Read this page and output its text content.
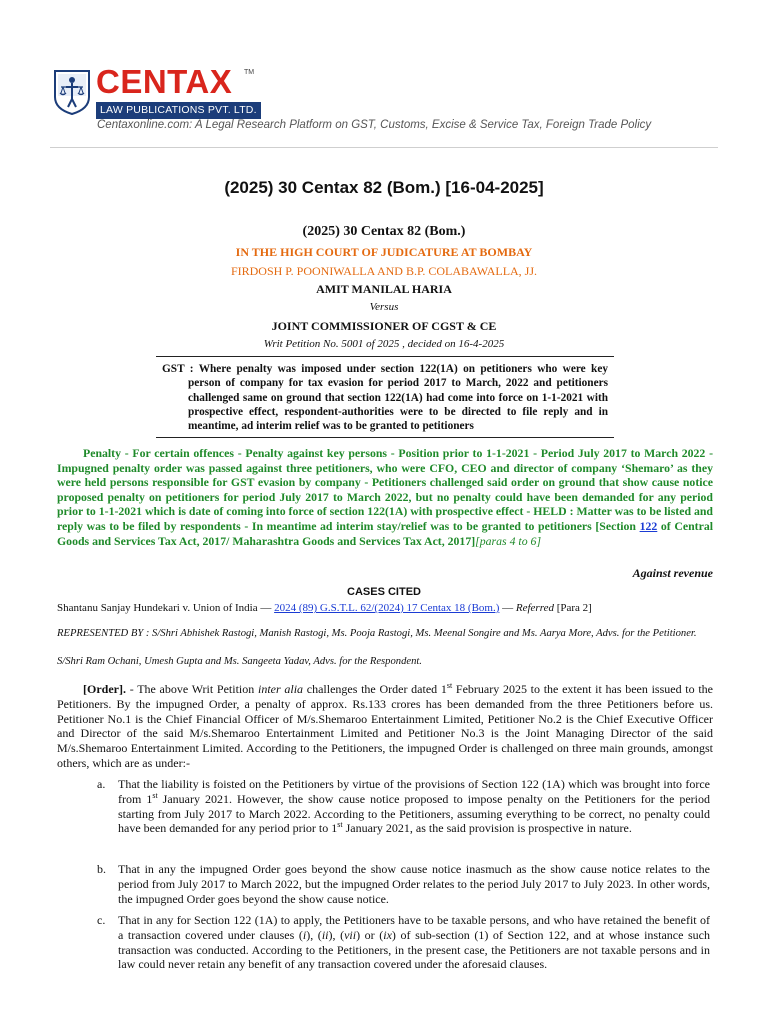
CENTAX TM
LAW PUBLICATIONS PVT. LTD.
Centaxonline.com: A Legal Research Platform on GST, Customs, Excise & Service Tax, Foreign Trade Policy
(2025) 30 Centax 82 (Bom.) [16-04-2025]
(2025) 30 Centax 82 (Bom.)
IN THE HIGH COURT OF JUDICATURE AT BOMBAY
FIRDOSH P. POONIWALLA AND B.P. COLABAWALLA, JJ.
AMIT MANILAL HARIA
Versus
JOINT COMMISSIONER OF CGST & CE
Writ Petition No. 5001 of 2025 , decided on 16-4-2025
GST : Where penalty was imposed under section 122(1A) on petitioners who were key person of company for tax evasion for period 2017 to March, 2022 and petitioners challenged same on ground that section 122(1A) had come into force on 1-1-2021 with prospective effect, respondent-authorities were to be directed to file reply and in meantime, ad interim relief was to be granted to petitioners
Penalty - For certain offences - Penalty against key persons - Position prior to 1-1-2021 - Period July 2017 to March 2022 - Impugned penalty order was passed against three petitioners, who were CFO, CEO and director of company ‘Shemaro’ as they were held persons responsible for GST evasion by company - Petitioners challenged said order on ground that show cause notice proposed penalty on petitioners for period July 2017 to March 2022, but no penalty could have been demanded for any period prior to 1-1-2021 which is date of coming into force of section 122(1A) with prospective effect - HELD : Matter was to be listed and reply was to be filed by respondents - In meantime ad interim stay/relief was to be granted to petitioners [Section 122 of Central Goods and Services Tax Act, 2017/ Maharashtra Goods and Services Tax Act, 2017][paras 4 to 6]
Against revenue
CASES CITED
Shantanu Sanjay Hundekari v. Union of India — 2024 (89) G.S.T.L. 62/(2024) 17 Centax 18 (Bom.) — Referred [Para 2]
REPRESENTED BY : S/Shri Abhishek Rastogi, Manish Rastogi, Ms. Pooja Rastogi, Ms. Meenal Songire and Ms. Aarya More, Advs. for the Petitioner.
S/Shri Ram Ochani, Umesh Gupta and Ms. Sangeeta Yadav, Advs. for the Respondent.
[Order]. - The above Writ Petition inter alia challenges the Order dated 1st February 2025 to the extent it has been issued to the Petitioners. By the impugned Order, a penalty of approx. Rs.133 crores has been demanded from the three Petitioners before us. Petitioner No.1 is the Chief Financial Officer of M/s.Shemaroo Entertainment Limited, Petitioner No.2 is the Chief Executive Officer and Director of the said M/s.Shemaroo Entertainment Limited and Petitioner No.3 is the Joint Managing Director of the said M/s.Shemaroo Entertainment Limited. According to the Petitioners, the impugned Order is challenged on three main grounds, amongst others, which are as under:-
a. That the liability is foisted on the Petitioners by virtue of the provisions of Section 122 (1A) which was brought into force from 1st January 2021. However, the show cause notice proposed to impose penalty on the Petitioners for the period starting from July 2017 to March 2022. According to the Petitioners, assuming everything to be correct, no penalty could have been demanded for any period prior to 1st January 2021, as the said provision is prospective in nature.
b. That in any the impugned Order goes beyond the show cause notice inasmuch as the show cause notice relates to the period from July 2017 to March 2022, but the impugned Order relates to the period July 2017 to July 2023. In other words, the impugned Order goes beyond the show cause notice.
c. That in any for Section 122 (1A) to apply, the Petitioners have to be taxable persons, and who have retained the benefit of a transaction covered under clauses (i), (ii), (vii) or (ix) of sub-section (1) of Section 122, and at whose instance such transaction was conducted. According to the Petitioners, in the present case, the Petitioners are not taxable persons and in law could never retain any benefit of any transaction covered under the aforesaid clauses.
